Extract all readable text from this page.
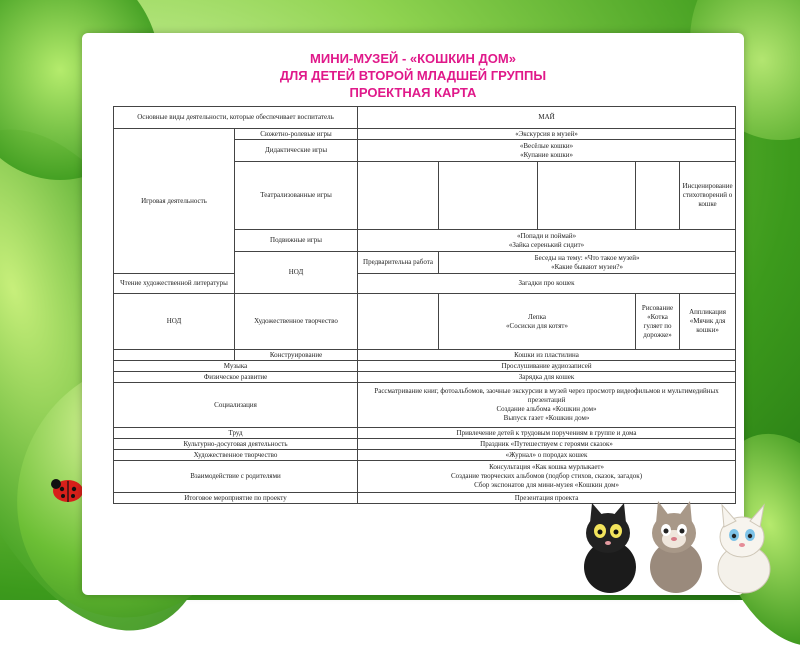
МИНИ-МУЗЕЙ - «КОШКИН ДОМ»
ДЛЯ ДЕТЕЙ ВТОРОЙ МЛАДШЕЙ ГРУППЫ
ПРОЕКТНАЯ КАРТА
Основные виды деятельности, которые обеспечивает воспитатель		МАЙ				
Игровая деятельность	Сюжетно-ролевые игры	«Экскурсия в музей»				
	Дидактические игры	«Весёлые кошки»
«Купание кошки»				

	Театрализованные игры					Инсценирование стихотворений о кошке
	Подвижные игры	«Попади и поймай»
«Зайка серенький сидит»				

	НОД	Предварительна работа	Беседы на тему: «Что такое музей»
«Какие бывают музеи?»			

Чтение художественной литературы		Загадки про кошек				
НОД	Художественное творчество		Лепка
«Сосиски для котят»		Рисование «Котка гуляет по дорожке»	Аппликация «Мячик для кошки»
	Конструирование	Кошки из пластилина				
Музыка		Прослушивание аудиозаписей				
Физическое развитие		Зарядка для кошек				
Социализация		Рассматривание книг, фотоальбомов, заочные экскурсии в музей через просмотр видеофильмов и мультимедийных презентаций
Создание альбома «Кошкин дом»
Выпуск газет «Кошкин дом»				

Труд		Привлечение детей к трудовым поручениям в группе и дома				
Культурно-досуговая деятельность		Праздник «Путешествуем с героями сказок»				
Художественное творчество		«Журнал» о породах кошек				
Взаимодействие с родителями		Консультация «Как кошка мурлыкает»
Создание творческих альбомов (подбор стихов, сказок, загадок)
Сбор экспонатов для мини-музея «Кошкин дом»				

Итоговое мероприятие по проекту		Презентация проекта				
